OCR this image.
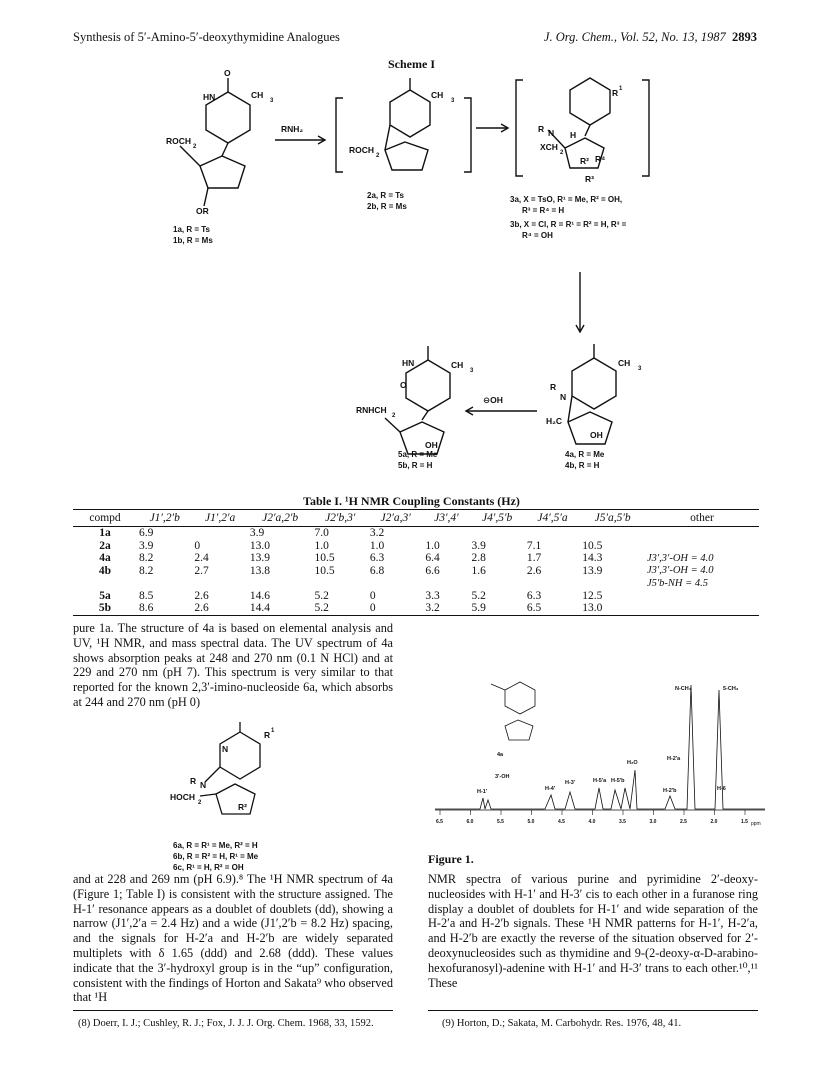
Synthesis of 5′-Amino-5′-deoxythymidine Analogues	J. Org. Chem., Vol. 52, No. 13, 1987 2893
Scheme I
HN	CH
3
O
ROCH
2
OR
RNH₂
CH
3
ROCH
2
R 1
R N H
XCH
2
R² R⁴
R³
CH
3
R
N
H₂C
OH
⊖OH
HN	CH
3
RNHCH
2
OH
O
1a, R = Ts
1b, R = Ms
2a, R = Ts
2b, R = Ms
3a, X = TsO, R¹ = Me, R² = OH,
R³ = R⁴ = H
3b, X = Cl, R = R¹ = R² = H, R³ =
R⁴ = OH
4a, R = Me
4b, R = H
5a, R = Me
5b, R = H
Table I. ¹H NMR Coupling Constants (Hz)
compd	J1′,2′b	J1′,2′a	J2′a,2′b	J2′b,3′	J2′a,3′	J3′,4′	J4′,5′b	J4′,5′a	J5′a,5′b	other
1a	6.9		3.9	7.0	3.2					
2a	3.9	0	13.0	1.0	1.0	1.0	3.9	7.1	10.5	
4a	8.2	2.4	13.9	10.5	6.3	6.4	2.8	1.7	14.3	J3′,3′-OH = 4.0
4b	8.2	2.7	13.8	10.5	6.8	6.6	1.6	2.6	13.9	J3′,3′-OH = 4.0
										J5′b-NH = 4.5
5a	8.5	2.6	14.6	5.2	0	3.3	5.2	6.3	12.5	
5b	8.6	2.6	14.4	5.2	0	3.2	5.9	6.5	13.0	
pure 1a. The structure of 4a is based on elemental analysis and UV, ¹H NMR, and mass spectral data. The UV spectrum of 4a shows absorption peaks at 248 and 270 nm (0.1 N HCl) and at 229 and 270 nm (pH 7). This spectrum is very similar to that reported for the known 2,3′-imino-nucleoside 6a, which absorbs at 244 and 270 nm (pH 0)
R 1
N
R N
HOCH
2	R²
6a, R = R¹ = Me, R² = H
6b, R = R² = H, R¹ = Me
6c, R¹ = H, R² = OH
and at 228 and 269 nm (pH 6.9).⁸ The ¹H NMR spectrum of 4a (Figure 1; Table I) is consistent with the structure assigned. The H-1′ resonance appears as a doublet of doublets (dd), showing a narrow (J1′,2′a = 2.4 Hz) and a wide (J1′,2′b = 8.2 Hz) spacing, and the signals for H-2′a and H-2′b are widely separated multiplets with δ 1.65 (ddd) and 2.68 (ddd). These values indicate that the 3′-hydroxyl group is in the “up” configuration, consistent with the findings of Horton and Sakata⁹ who observed that ¹H
(8) Doerr, I. J.; Cushley, R. J.; Fox, J. J. J. Org. Chem. 1968, 33, 1592.	(9) Horton, D.; Sakata, M. Carbohydr. Res. 1976, 48, 41.
4a
H-1′
3′-OH
H-4′
H-3′	H-5′a H-5′b
H₂O
N-CH₃	5-CH₃
H-2′b
H-2′a
H-6
6.5	6.0	5.5	5.0	4.5	4.0	3.5	3.0	2.5	2.0	1.5 ppm
Figure 1.
NMR spectra of various purine and pyrimidine 2′-deoxy-nucleosides with H-1′ and H-3′ cis to each other in a furanose ring display a doublet of doublets for H-1′ and wide separation of the H-2′a and H-2′b signals. These ¹H NMR patterns for H-1′, H-2′a, and H-2′b are exactly the reverse of the situation observed for 2′-deoxynucleosides such as thymidine and 9-(2-deoxy-α-D-arabino-hexofuranosyl)-adenine with H-1′ and H-3′ trans to each other.¹⁰,¹¹ These
